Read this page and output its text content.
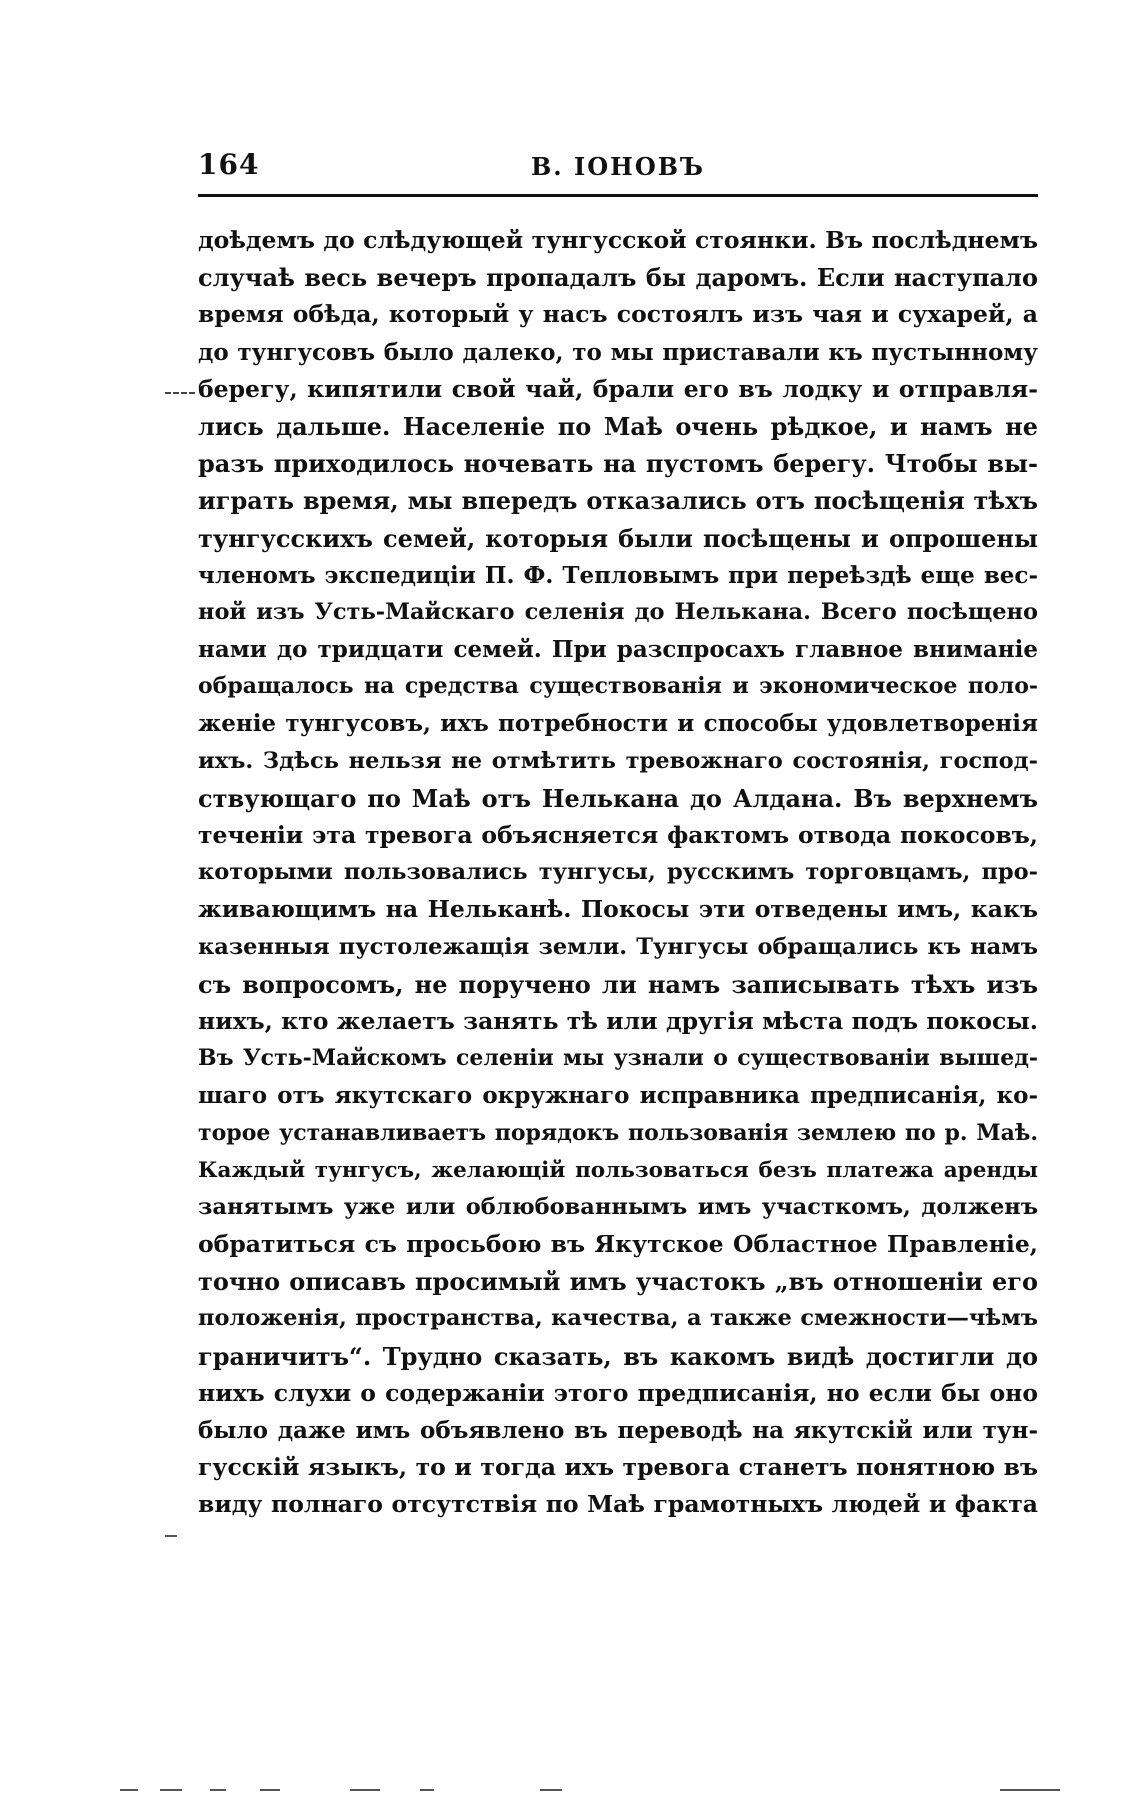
164	В. ІОНОВЪ
доѣдемъ до слѣдующей тунгусской стоянки. Въ послѣднемъ
случаѣ весь вечеръ пропадалъ бы даромъ. Если наступало
время обѣда, который у насъ состоялъ изъ чая и сухарей, а
до тунгусовъ было далеко, то мы приставали къ пустынному
берегу, кипятили свой чай, брали его въ лодку и отправля-
лись дальше. Населеніе по Маѣ очень рѣдкое, и намъ не
разъ приходилось ночевать на пустомъ берегу. Чтобы вы-
играть время, мы впередъ отказались отъ посѣщенія тѣхъ
тунгусскихъ семей, которыя были посѣщены и опрошены
членомъ экспедиціи П. Ф. Тепловымъ при переѣздѣ еще вес-
ной изъ Усть-Майскаго селенія до Нелькана. Всего посѣщено
нами до тридцати семей. При разспросахъ главное вниманіе
обращалось на средства существованія и экономическое поло-
женіе тунгусовъ, ихъ потребности и способы удовлетворенія
ихъ. Здѣсь нельзя не отмѣтить тревожнаго состоянія, господ-
ствующаго по Маѣ отъ Нелькана до Алдана. Въ верхнемъ
теченіи эта тревога объясняется фактомъ отвода покосовъ,
которыми пользовались тунгусы, русскимъ торговцамъ, про-
живающимъ на Нельканѣ. Покосы эти отведены имъ, какъ
казенныя пустолежащія земли. Тунгусы обращались къ намъ
съ вопросомъ, не поручено ли намъ записывать тѣхъ изъ
нихъ, кто желаетъ занять тѣ или другія мѣста подъ покосы.
Въ Усть-Майскомъ селеніи мы узнали о существованіи вышед-
шаго отъ якутскаго окружнаго исправника предписанія, ко-
торое устанавливаетъ порядокъ пользованія землею по р. Маѣ.
Каждый тунгусъ, желающій пользоваться безъ платежа аренды
занятымъ уже или облюбованнымъ имъ участкомъ, долженъ
обратиться съ просьбою въ Якутское Областное Правленіе,
точно описавъ просимый имъ участокъ „въ отношеніи его
положенія, пространства, качества, а также смежности—чѣмъ
граничитъ“. Трудно сказать, въ какомъ видѣ достигли до
нихъ слухи о содержаніи этого предписанія, но если бы оно
было даже имъ объявлено въ переводѣ на якутскій или тун-
гусскій языкъ, то и тогда ихъ тревога станетъ понятною въ
виду полнаго отсутствія по Маѣ грамотныхъ людей и факта
